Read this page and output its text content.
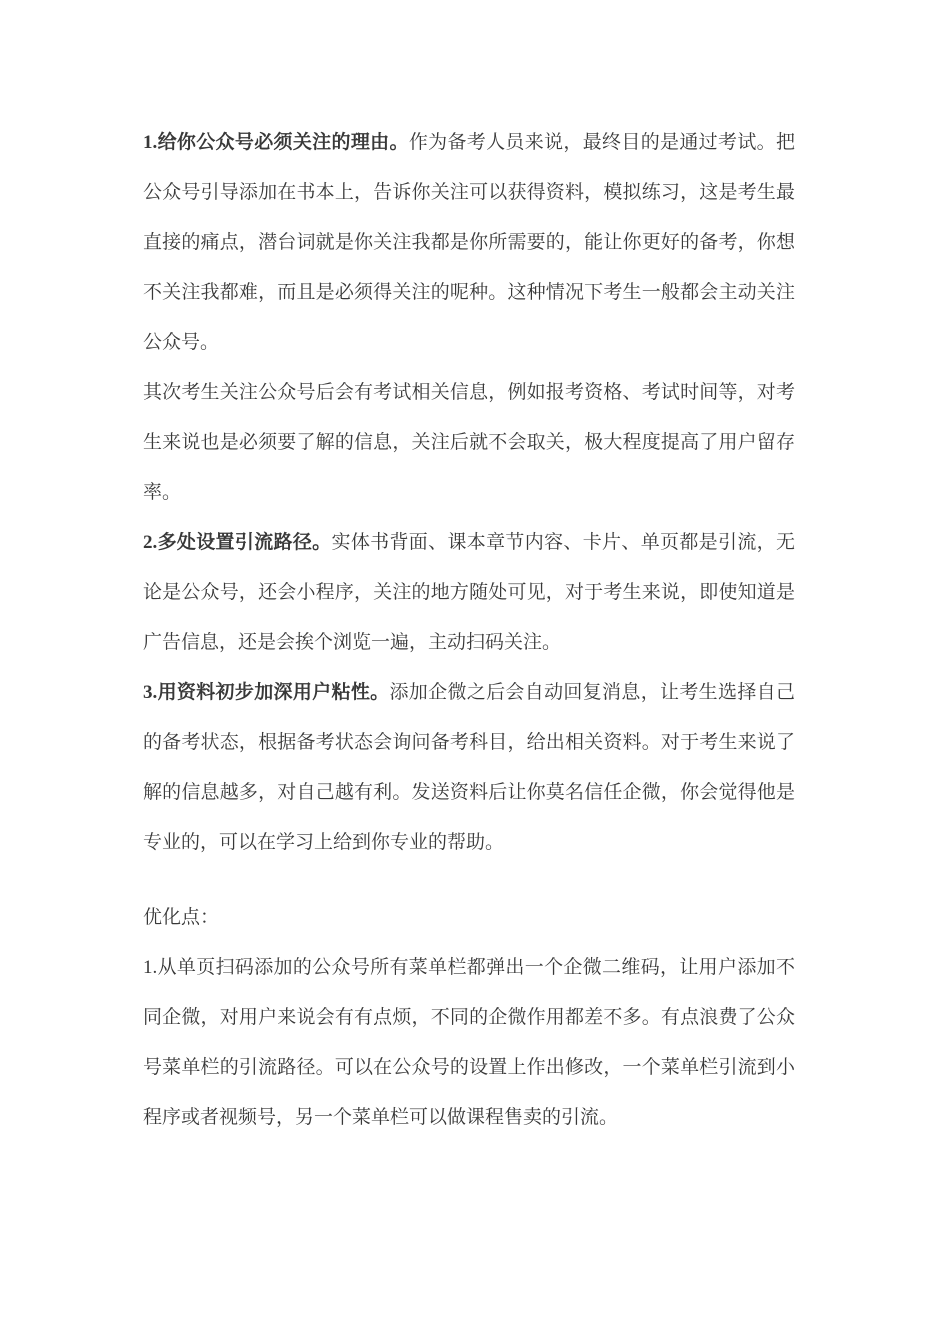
1.给你公众号必须关注的理由。作为备考人员来说，最终目的是通过考试。把
公众号引导添加在书本上，告诉你关注可以获得资料，模拟练习，这是考生最
直接的痛点，潜台词就是你关注我都是你所需要的，能让你更好的备考，你想
不关注我都难，而且是必须得关注的呢种。这种情况下考生一般都会主动关注
公众号。
其次考生关注公众号后会有考试相关信息，例如报考资格、考试时间等，对考
生来说也是必须要了解的信息，关注后就不会取关，极大程度提高了用户留存
率。
2.多处设置引流路径。实体书背面、课本章节内容、卡片、单页都是引流，无
论是公众号，还会小程序，关注的地方随处可见，对于考生来说，即使知道是
广告信息，还是会挨个浏览一遍，主动扫码关注。
3.用资料初步加深用户粘性。添加企微之后会自动回复消息，让考生选择自己
的备考状态，根据备考状态会询问备考科目，给出相关资料。对于考生来说了
解的信息越多，对自己越有利。发送资料后让你莫名信任企微，你会觉得他是
专业的，可以在学习上给到你专业的帮助。
优化点：
1.从单页扫码添加的公众号所有菜单栏都弹出一个企微二维码，让用户添加不
同企微，对用户来说会有有点烦，不同的企微作用都差不多。有点浪费了公众
号菜单栏的引流路径。可以在公众号的设置上作出修改，一个菜单栏引流到小
程序或者视频号，另一个菜单栏可以做课程售卖的引流。
